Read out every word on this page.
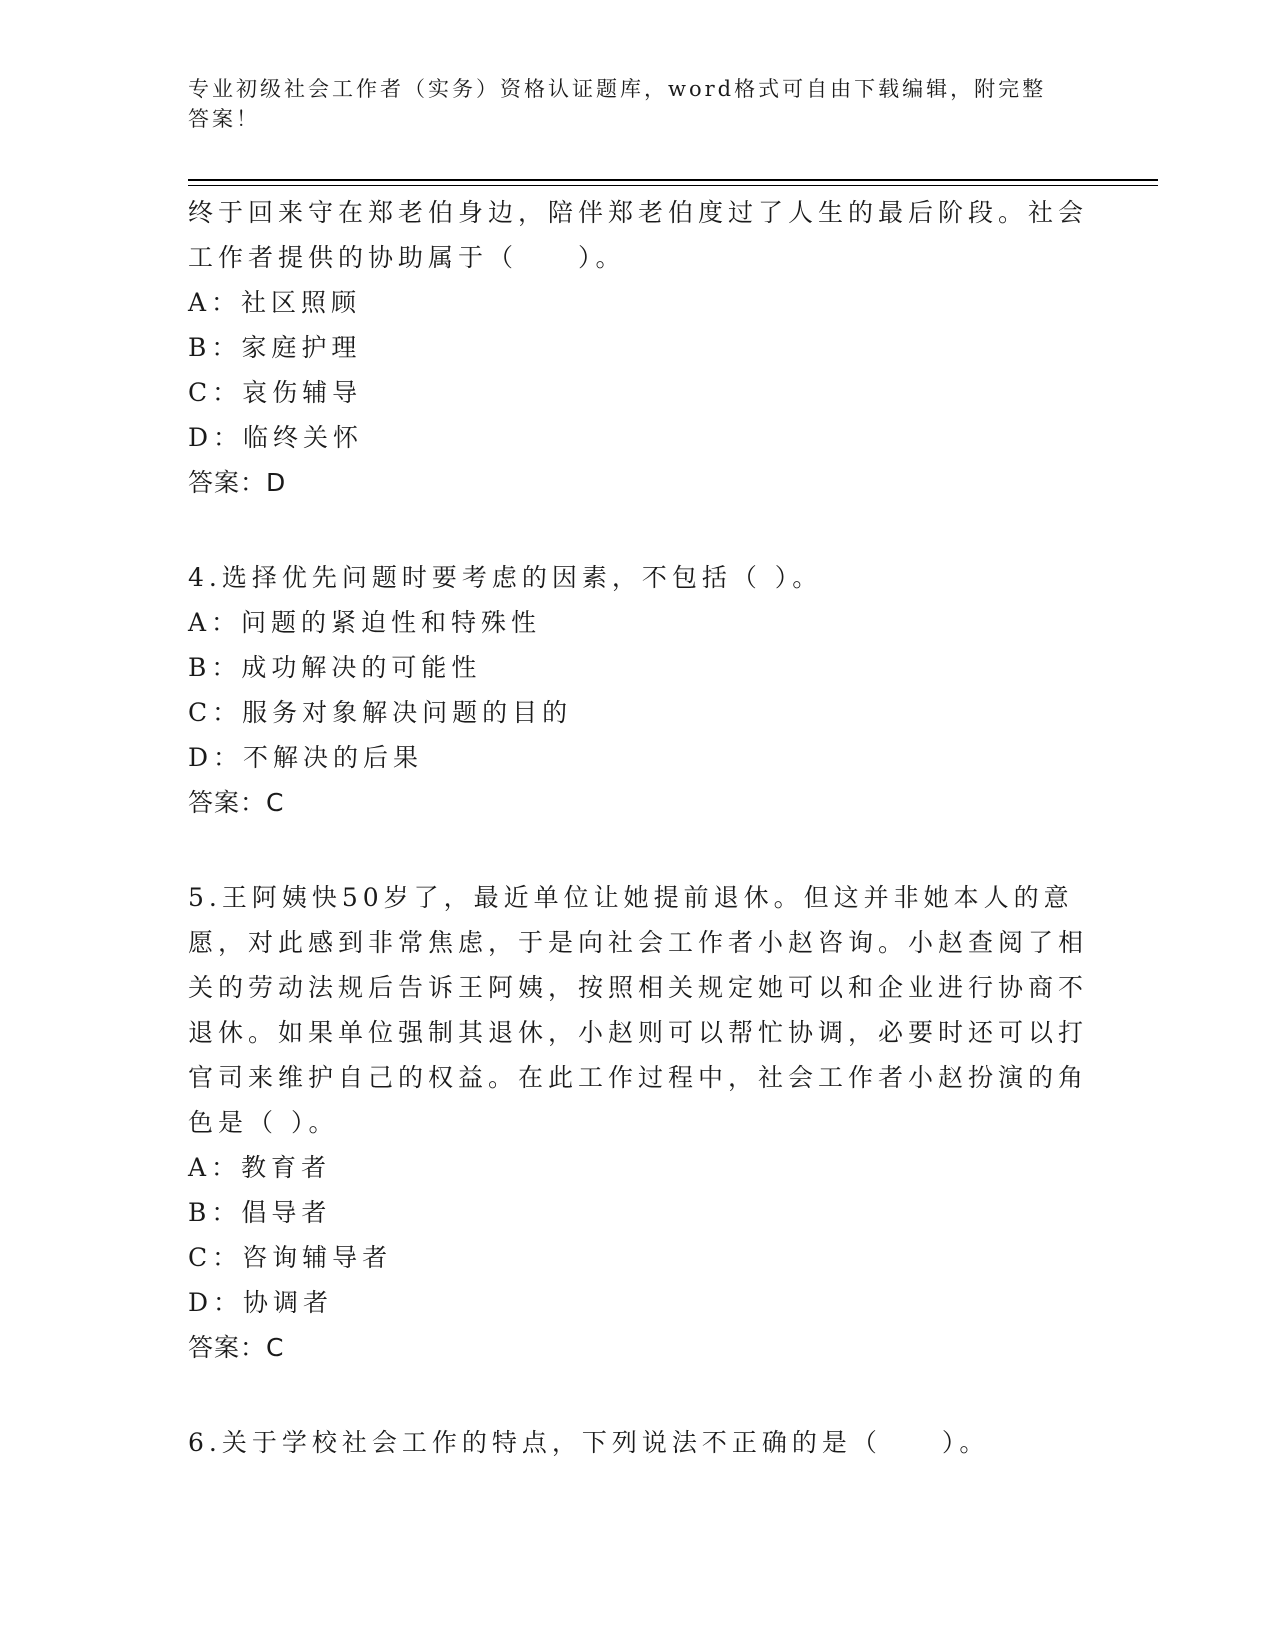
专业初级社会工作者（实务）资格认证题库，word格式可自由下载编辑，附完整答案！

终于回来守在郑老伯身边，陪伴郑老伯度过了人生的最后阶段。社会工作者提供的协助属于（　　）。

A：社区照顾

B：家庭护理

C：哀伤辅导

D：临终关怀

答案：D

4.选择优先问题时要考虑的因素，不包括（ ）。

A：问题的紧迫性和特殊性

B：成功解决的可能性

C：服务对象解决问题的目的

D：不解决的后果

答案：C

5.王阿姨快50岁了，最近单位让她提前退休。但这并非她本人的意愿，对此感到非常焦虑，于是向社会工作者小赵咨询。小赵查阅了相关的劳动法规后告诉王阿姨，按照相关规定她可以和企业进行协商不退休。如果单位强制其退休，小赵则可以帮忙协调，必要时还可以打官司来维护自己的权益。在此工作过程中，社会工作者小赵扮演的角色是（ ）。

A：教育者

B：倡导者

C：咨询辅导者

D：协调者

答案：C

6.关于学校社会工作的特点，下列说法不正确的是（　　）。
